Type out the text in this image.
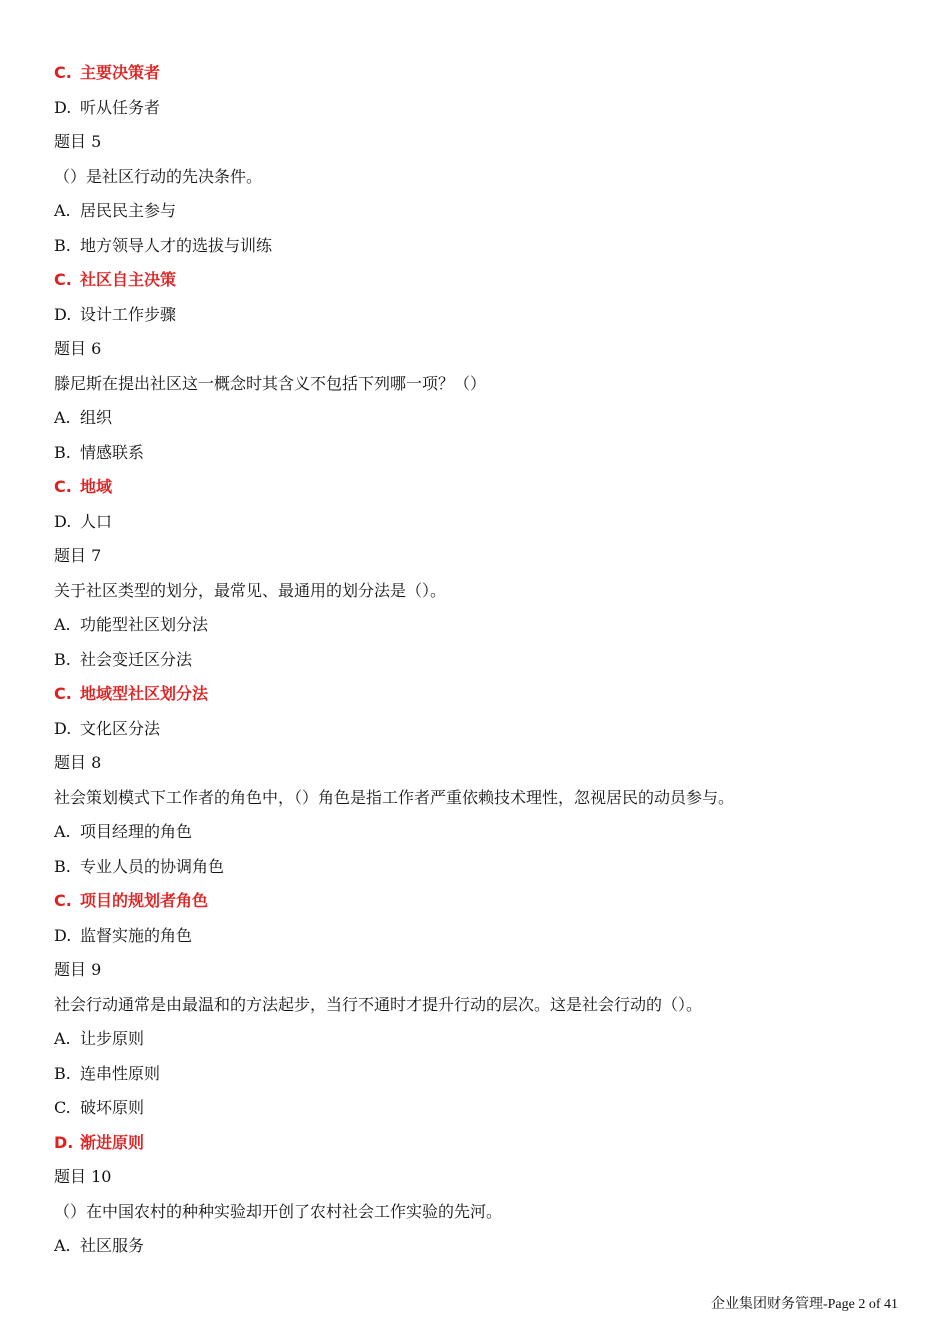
C. 主要决策者
D. 听从任务者
题目 5
（）是社区行动的先决条件。
A. 居民民主参与
B. 地方领导人才的选拔与训练
C. 社区自主决策
D. 设计工作步骤
题目 6
滕尼斯在提出社区这一概念时其含义不包括下列哪一项？（）
A. 组织
B. 情感联系
C. 地域
D. 人口
题目 7
关于社区类型的划分，最常见、最通用的划分法是（）。
A. 功能型社区划分法
B. 社会变迁区分法
C. 地域型社区划分法
D. 文化区分法
题目 8
社会策划模式下工作者的角色中，（）角色是指工作者严重依赖技术理性，忽视居民的动员参与。
A. 项目经理的角色
B. 专业人员的协调角色
C. 项目的规划者角色
D. 监督实施的角色
题目 9
社会行动通常是由最温和的方法起步，当行不通时才提升行动的层次。这是社会行动的（）。
A. 让步原则
B. 连串性原则
C. 破坏原则
D. 渐进原则
题目 10
（）在中国农村的种种实验却开创了农村社会工作实验的先河。
A. 社区服务
企业集团财务管理-Page 2 of 41
